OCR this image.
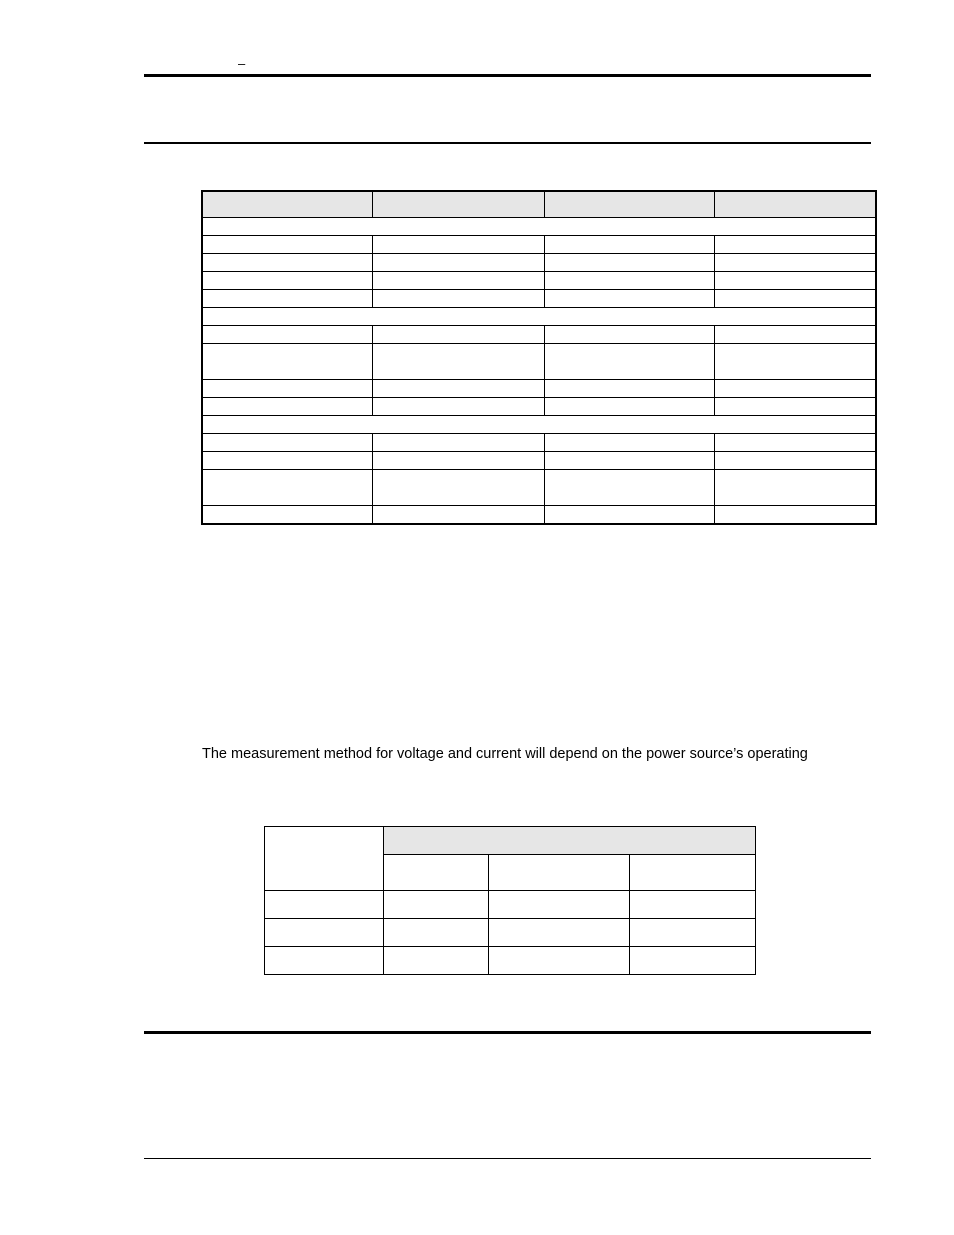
–

The measurement method for voltage and current will depend on the power source’s operating
